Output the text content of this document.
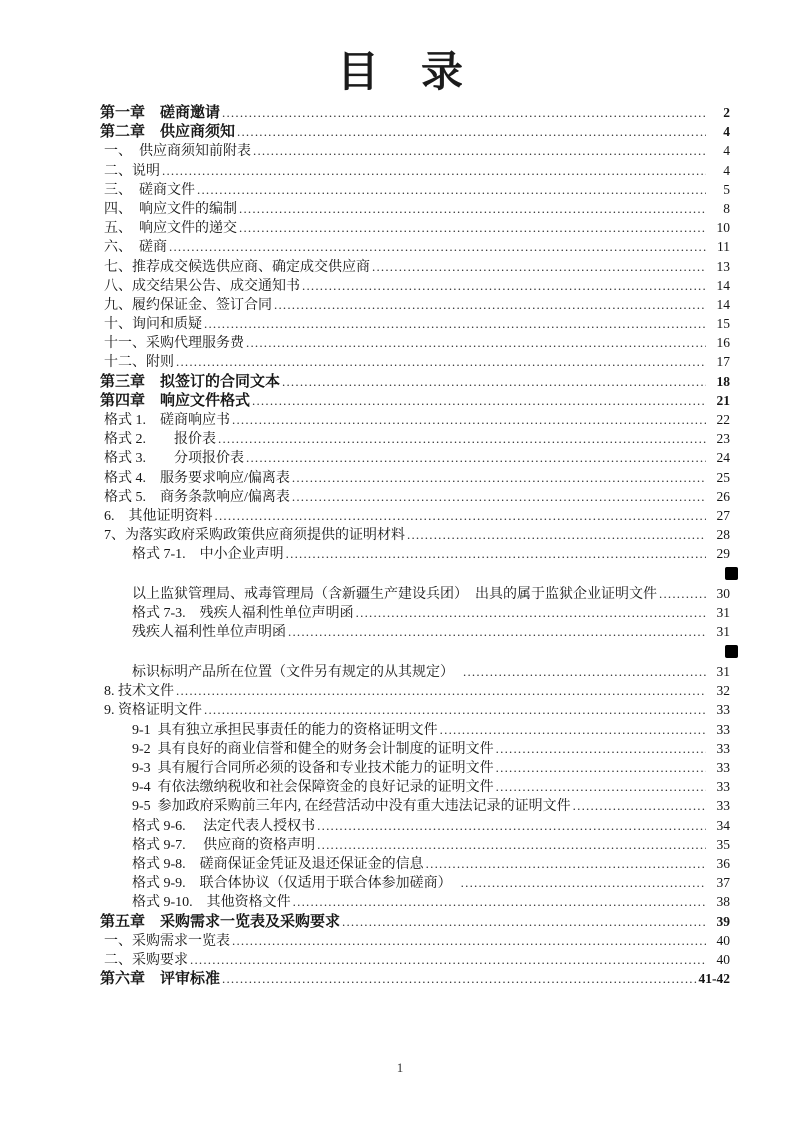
目 录
第一章　磋商邀请 .....	2
第二章　供应商须知 .....	4
一、　供应商须知前附表 .....	4
二、说明 .....	4
三、　磋商文件 .....	5
四、　响应文件的编制 .....	8
五、　响应文件的递交 .....	10
六、　磋商 .....	11
七、推荐成交候选供应商、确定成交供应商 .....	13
八、成交结果公告、成交通知书 .....	14
九、履约保证金、签订合同 .....	14
十、询问和质疑 .....	15
十一、采购代理服务费 .....	16
十二、附则 .....	17
第三章　拟签订的合同文本 .....	18
第四章　响应文件格式 .....	21
格式 1.　磋商响应书 .....	22
格式 2.　　报价表 .....	23
格式 3.　　分项报价表 .....	24
格式 4.　服务要求响应/偏离表 .....	25
格式 5.　商务条款响应/偏离表 .....	26
6.　其他证明资料 .....	27
7、为落实政府采购政策供应商须提供的证明材料 .....	28
格式 7-1.　中小企业声明 .....	29
以上监狱管理局、戒毒管理局（含新疆生产建设兵团）　出具的属于监狱企业证明文件 .....	30
格式 7-3.　残疾人福利性单位声明函 .....	31
残疾人福利性单位声明函 .....	31
标识标明产品所在位置（文件另有规定的从其规定）　 .....	31
8. 技术文件 .....	32
9. 资格证明文件 .....	33
9-1  具有独立承担民事责任的能力的资格证明文件 .....	33
9-2  具有良好的商业信誉和健全的财务会计制度的证明文件 .....	33
9-3  具有履行合同所必须的设备和专业技术能力的证明文件 .....	33
9-4  有依法缴纳税收和社会保障资金的良好记录的证明文件 .....	33
9-5  参加政府采购前三年内, 在经营活动中没有重大违法记录的证明文件 .....	33
格式 9-6.　 法定代表人授权书 .....	34
格式 9-7.　 供应商的资格声明 .....	35
格式 9-8.　磋商保证金凭证及退还保证金的信息 .....	36
格式 9-9.　联合体协议（仅适用于联合体参加磋商）　 .....	37
格式 9-10.　其他资格文件 .....	38
第五章　采购需求一览表及采购要求 .....	39
一、采购需求一览表 .....	40
二、采购要求 .....	40
第六章　评审标准 .....	41-42
1
